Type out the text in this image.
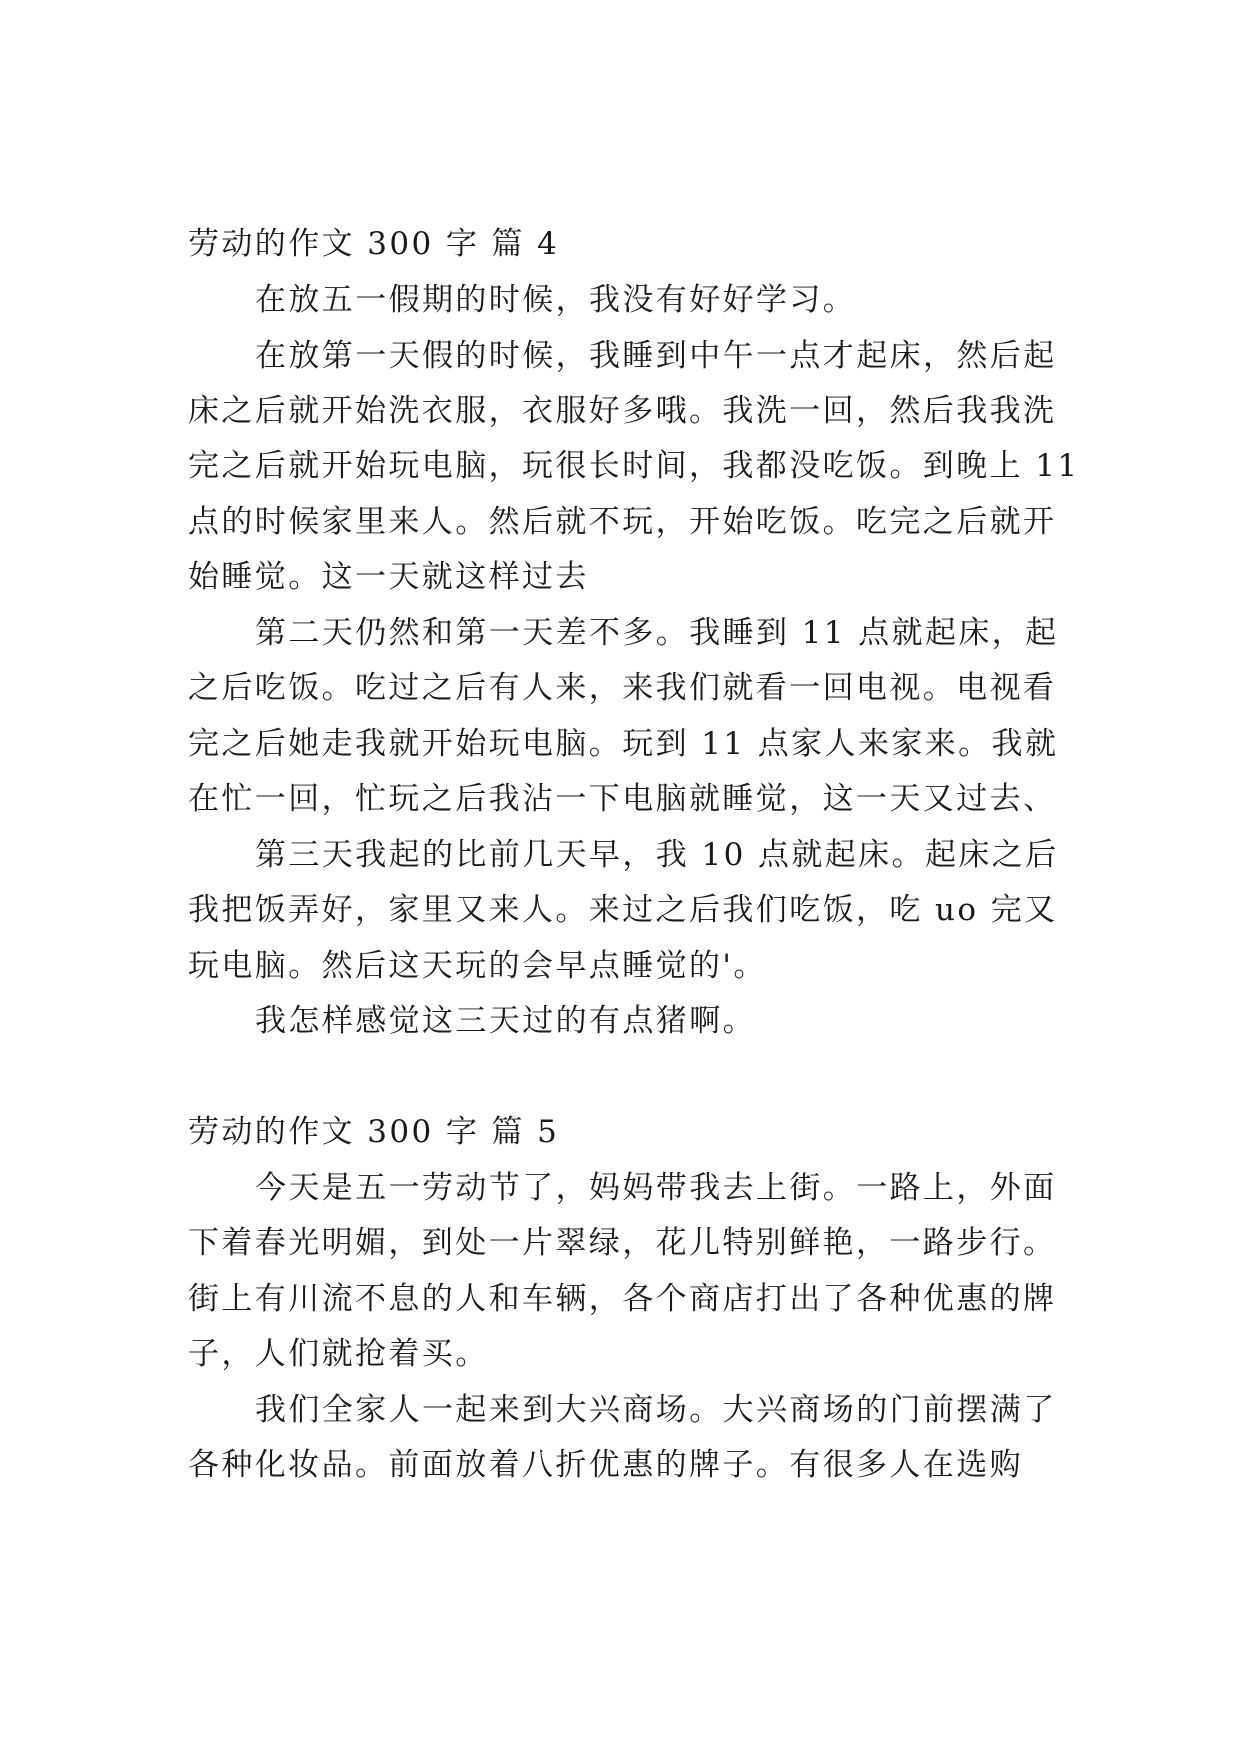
劳动的作文 300 字 篇 4
在放五一假期的时候，我没有好好学习。
在放第一天假的时候，我睡到中午一点才起床，然后起
床之后就开始洗衣服，衣服好多哦。我洗一回，然后我我洗
完之后就开始玩电脑，玩很长时间，我都没吃饭。到晚上 11
点的时候家里来人。然后就不玩，开始吃饭。吃完之后就开
始睡觉。这一天就这样过去
第二天仍然和第一天差不多。我睡到 11 点就起床，起
之后吃饭。吃过之后有人来，来我们就看一回电视。电视看
完之后她走我就开始玩电脑。玩到 11 点家人来家来。我就
在忙一回，忙玩之后我沾一下电脑就睡觉，这一天又过去、
第三天我起的比前几天早，我 10 点就起床。起床之后
我把饭弄好，家里又来人。来过之后我们吃饭，吃 uo 完又
玩电脑。然后这天玩的会早点睡觉的'。
我怎样感觉这三天过的有点猪啊。
劳动的作文 300 字 篇 5
今天是五一劳动节了，妈妈带我去上街。一路上，外面
下着春光明媚，到处一片翠绿，花儿特别鲜艳，一路步行。
街上有川流不息的人和车辆，各个商店打出了各种优惠的牌
子，人们就抢着买。
我们全家人一起来到大兴商场。大兴商场的门前摆满了
各种化妆品。前面放着八折优惠的牌子。有很多人在选购
